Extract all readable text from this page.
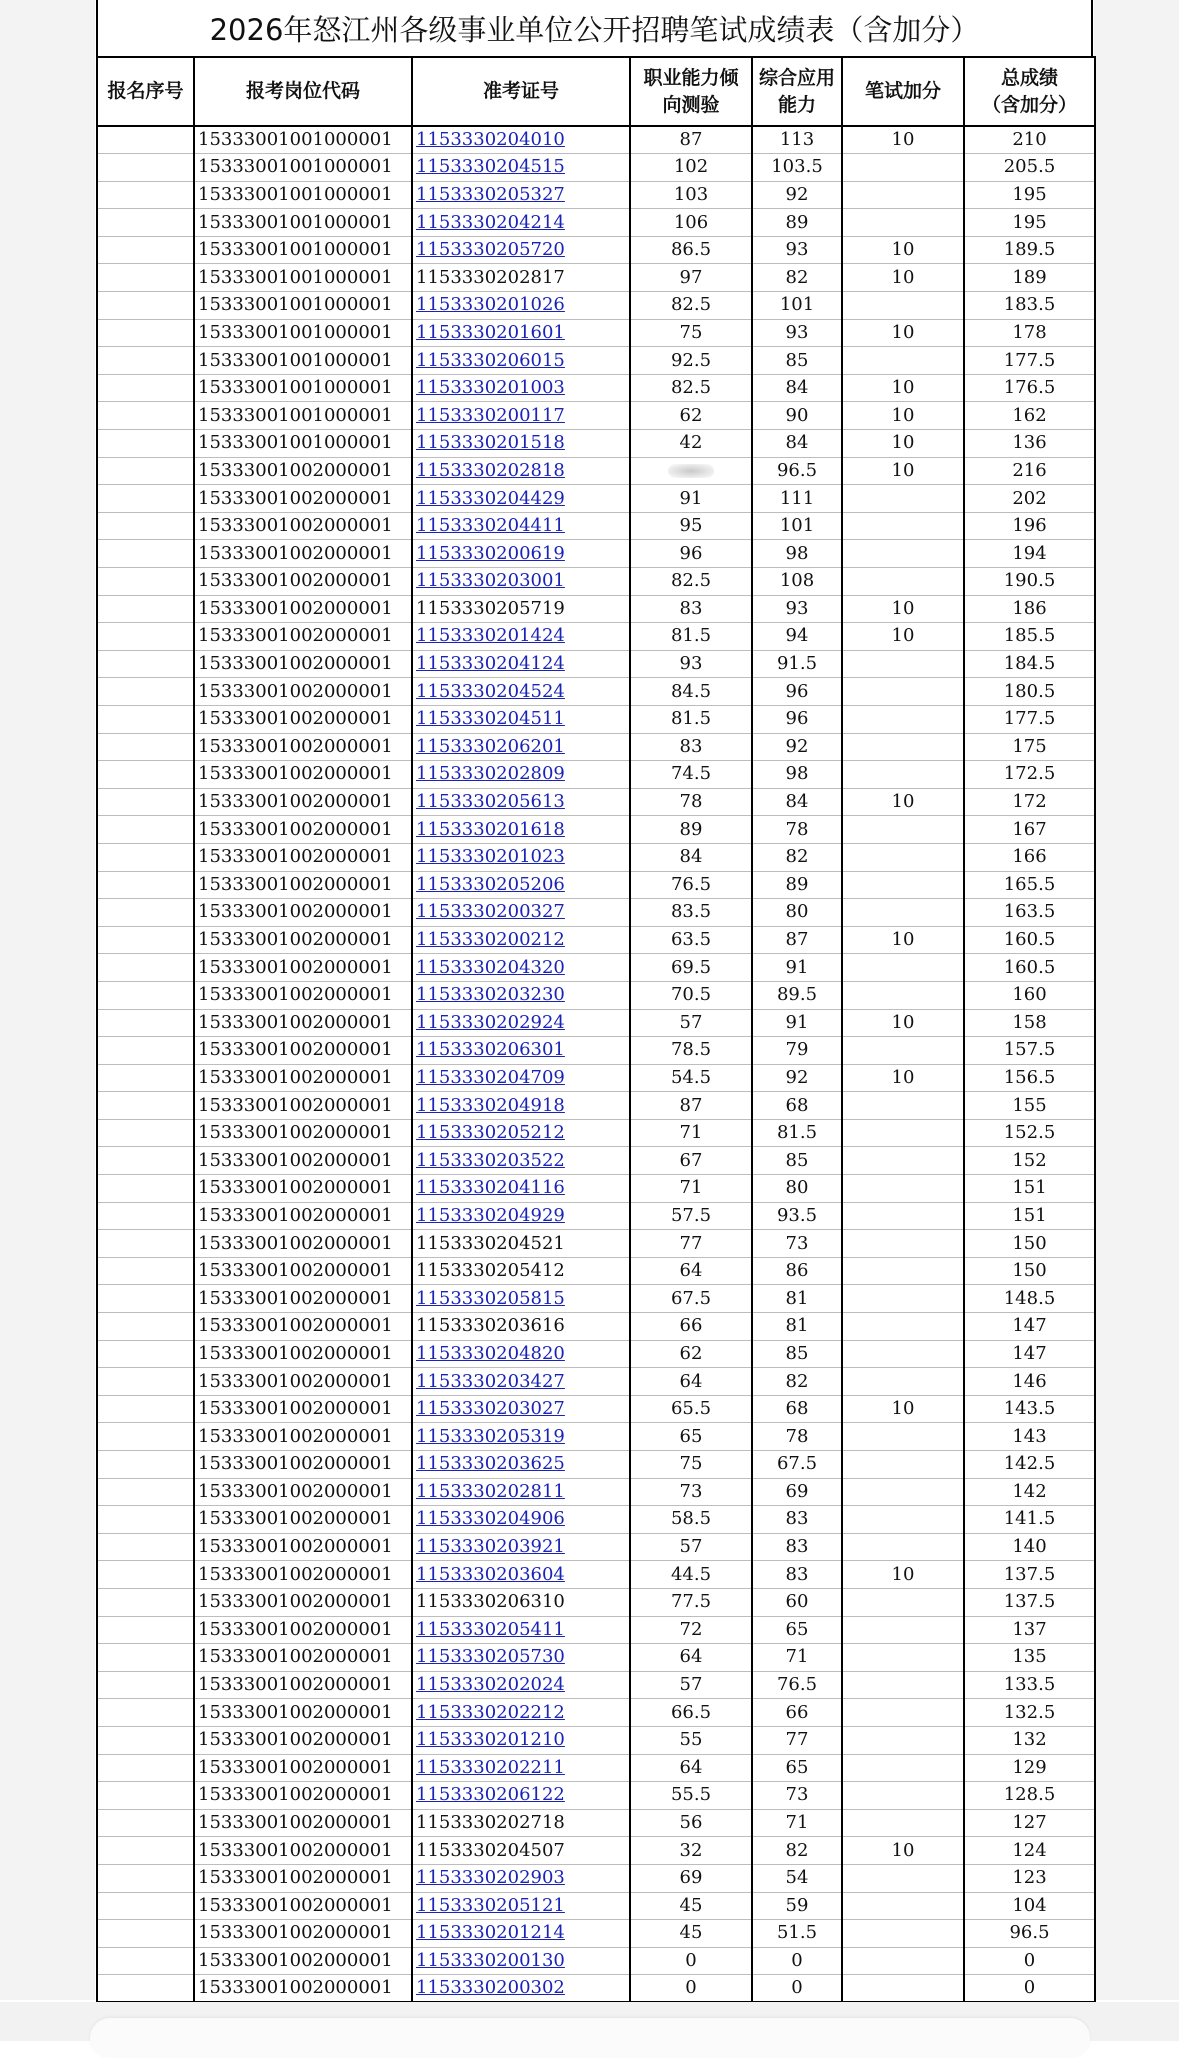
2026年怒江州各级事业单位公开招聘笔试成绩表（含加分）
报名序号	报考岗位代码	准考证号	职业能力倾
向测验	综合应用
能力	笔试加分	总成绩
（含加分）
	15333001001000001	1153330204010	87	113	10	210
	15333001001000001	1153330204515	102	103.5		205.5
	15333001001000001	1153330205327	103	92		195
	15333001001000001	1153330204214	106	89		195
	15333001001000001	1153330205720	86.5	93	10	189.5
	15333001001000001	1153330202817	97	82	10	189
	15333001001000001	1153330201026	82.5	101		183.5
	15333001001000001	1153330201601	75	93	10	178
	15333001001000001	1153330206015	92.5	85		177.5
	15333001001000001	1153330201003	82.5	84	10	176.5
	15333001001000001	1153330200117	62	90	10	162
	15333001001000001	1153330201518	42	84	10	136
	15333001002000001	1153330202818		96.5	10	216
	15333001002000001	1153330204429	91	111		202
	15333001002000001	1153330204411	95	101		196
	15333001002000001	1153330200619	96	98		194
	15333001002000001	1153330203001	82.5	108		190.5
	15333001002000001	1153330205719	83	93	10	186
	15333001002000001	1153330201424	81.5	94	10	185.5
	15333001002000001	1153330204124	93	91.5		184.5
	15333001002000001	1153330204524	84.5	96		180.5
	15333001002000001	1153330204511	81.5	96		177.5
	15333001002000001	1153330206201	83	92		175
	15333001002000001	1153330202809	74.5	98		172.5
	15333001002000001	1153330205613	78	84	10	172
	15333001002000001	1153330201618	89	78		167
	15333001002000001	1153330201023	84	82		166
	15333001002000001	1153330205206	76.5	89		165.5
	15333001002000001	1153330200327	83.5	80		163.5
	15333001002000001	1153330200212	63.5	87	10	160.5
	15333001002000001	1153330204320	69.5	91		160.5
	15333001002000001	1153330203230	70.5	89.5		160
	15333001002000001	1153330202924	57	91	10	158
	15333001002000001	1153330206301	78.5	79		157.5
	15333001002000001	1153330204709	54.5	92	10	156.5
	15333001002000001	1153330204918	87	68		155
	15333001002000001	1153330205212	71	81.5		152.5
	15333001002000001	1153330203522	67	85		152
	15333001002000001	1153330204116	71	80		151
	15333001002000001	1153330204929	57.5	93.5		151
	15333001002000001	1153330204521	77	73		150
	15333001002000001	1153330205412	64	86		150
	15333001002000001	1153330205815	67.5	81		148.5
	15333001002000001	1153330203616	66	81		147
	15333001002000001	1153330204820	62	85		147
	15333001002000001	1153330203427	64	82		146
	15333001002000001	1153330203027	65.5	68	10	143.5
	15333001002000001	1153330205319	65	78		143
	15333001002000001	1153330203625	75	67.5		142.5
	15333001002000001	1153330202811	73	69		142
	15333001002000001	1153330204906	58.5	83		141.5
	15333001002000001	1153330203921	57	83		140
	15333001002000001	1153330203604	44.5	83	10	137.5
	15333001002000001	1153330206310	77.5	60		137.5
	15333001002000001	1153330205411	72	65		137
	15333001002000001	1153330205730	64	71		135
	15333001002000001	1153330202024	57	76.5		133.5
	15333001002000001	1153330202212	66.5	66		132.5
	15333001002000001	1153330201210	55	77		132
	15333001002000001	1153330202211	64	65		129
	15333001002000001	1153330206122	55.5	73		128.5
	15333001002000001	1153330202718	56	71		127
	15333001002000001	1153330204507	32	82	10	124
	15333001002000001	1153330202903	69	54		123
	15333001002000001	1153330205121	45	59		104
	15333001002000001	1153330201214	45	51.5		96.5
	15333001002000001	1153330200130	0	0		0
	15333001002000001	1153330200302	0	0		0
